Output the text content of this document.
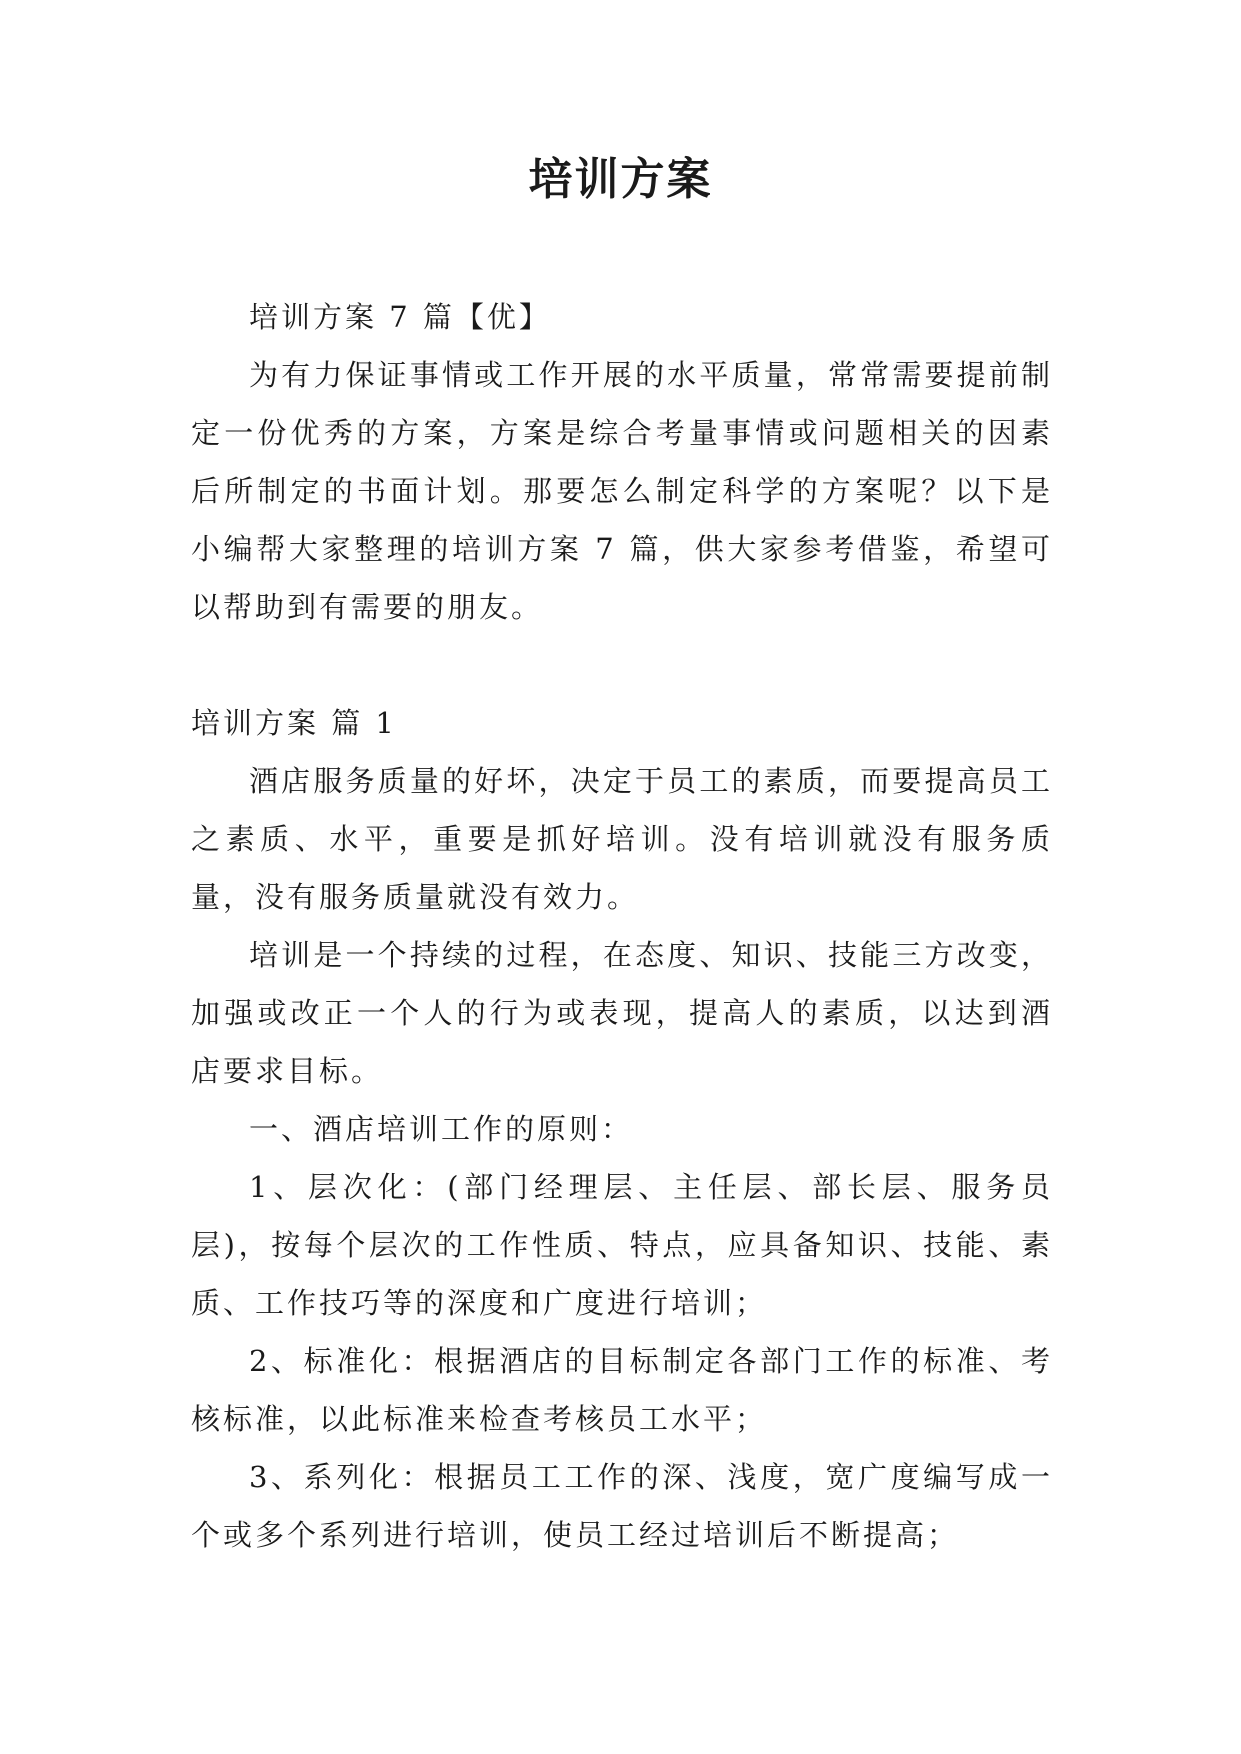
培训方案

培训方案 7 篇【优】

为有力保证事情或工作开展的水平质量，常常需要提前制定一份优秀的方案，方案是综合考量事情或问题相关的因素后所制定的书面计划。那要怎么制定科学的方案呢？以下是小编帮大家整理的培训方案 7 篇，供大家参考借鉴，希望可以帮助到有需要的朋友。

培训方案 篇 1

酒店服务质量的好坏，决定于员工的素质，而要提高员工之素质、水平，重要是抓好培训。没有培训就没有服务质量，没有服务质量就没有效力。

培训是一个持续的过程，在态度、知识、技能三方改变，加强或改正一个人的行为或表现，提高人的素质，以达到酒店要求目标。

一、酒店培训工作的原则：

1、层次化：(部门经理层、主任层、部长层、服务员层)，按每个层次的工作性质、特点，应具备知识、技能、素质、工作技巧等的深度和广度进行培训；

2、标准化：根据酒店的目标制定各部门工作的标准、考核标准，以此标准来检查考核员工水平；

3、系列化：根据员工工作的深、浅度，宽广度编写成一个或多个系列进行培训，使员工经过培训后不断提高；
